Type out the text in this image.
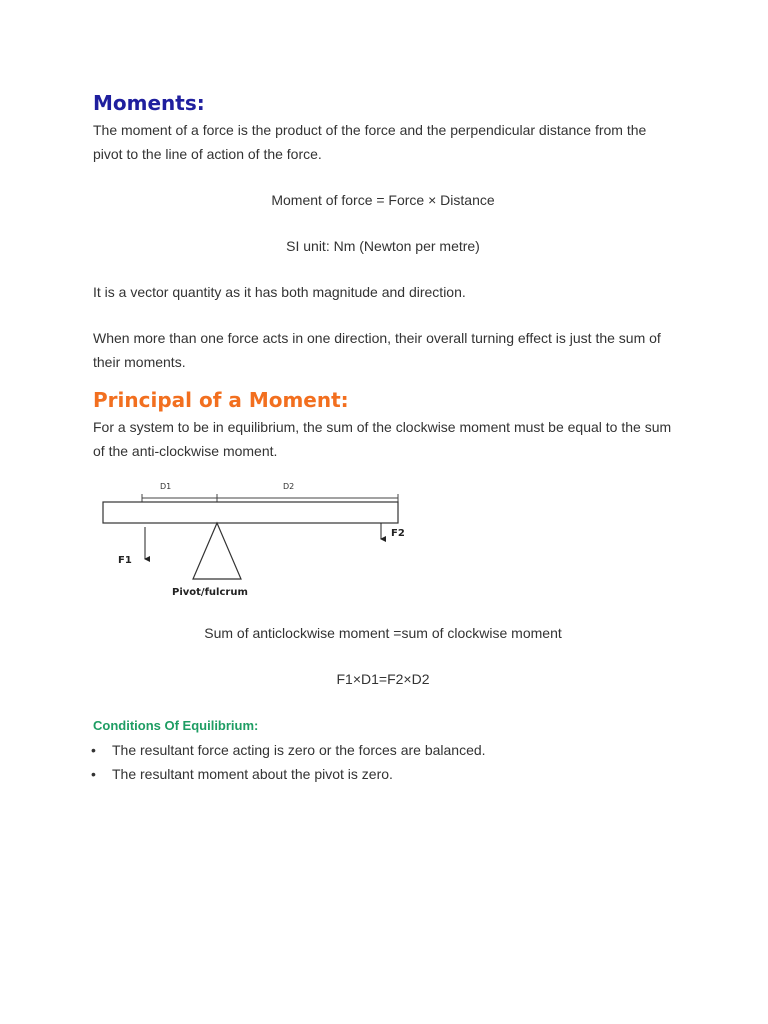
Moments:

The moment of a force is the product of the force and the perpendicular distance from the pivot to the line of action of the force.

Moment of force = Force × Distance

SI unit: Nm (Newton per metre)

It is a vector quantity as it has both magnitude and direction.

When more than one force acts in one direction, their overall turning effect is just the sum of their moments.

Principal of a Moment:

For a system to be in equilibrium, the sum of the clockwise moment must be equal to the sum of the anti-clockwise moment.

D1	D2
F1
F2
Pivot/fulcrum

Sum of anticlockwise moment =sum of clockwise moment

F1×D1=F2×D2

Conditions Of Equilibrium:
• The resultant force acting is zero or the forces are balanced.
• The resultant moment about the pivot is zero.
